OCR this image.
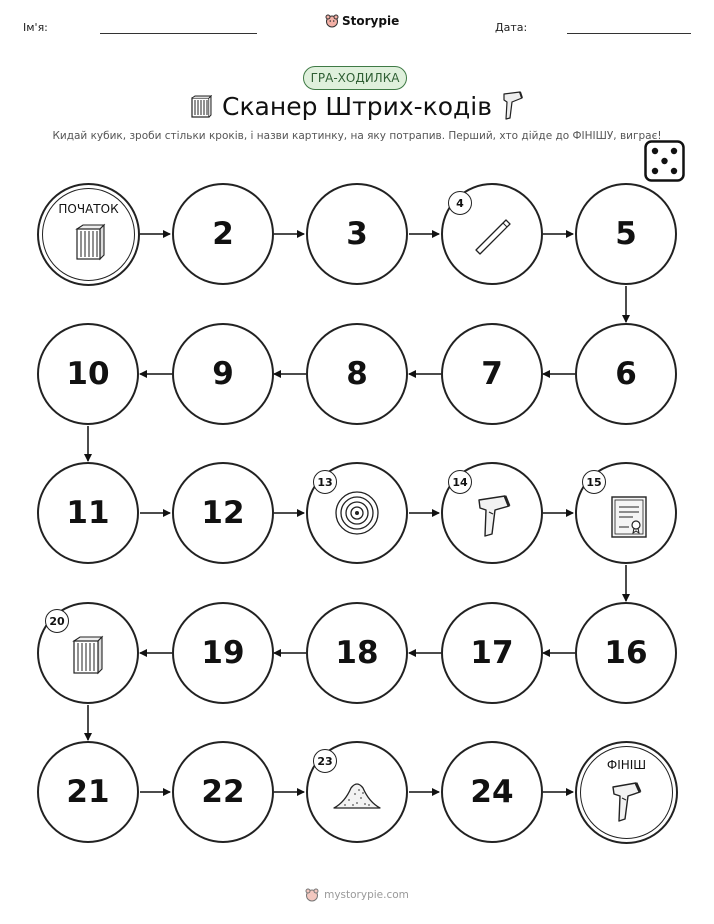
Ім'я:	Storypie	Дата:
ГРА-ХОДИЛКА
Сканер Штрих-кодів
Кидай кубик, зроби стільки кроків, і назви картинку, на яку потрапив. Перший, хто дійде до ФІНІШУ, виграє!
ПОЧАТОК
2	3
4
5
10	9	8	7	6
11	12
13	14	15
20
19	18	17	16
21	22
23
24
ФІНІШ
mystorypie.com
